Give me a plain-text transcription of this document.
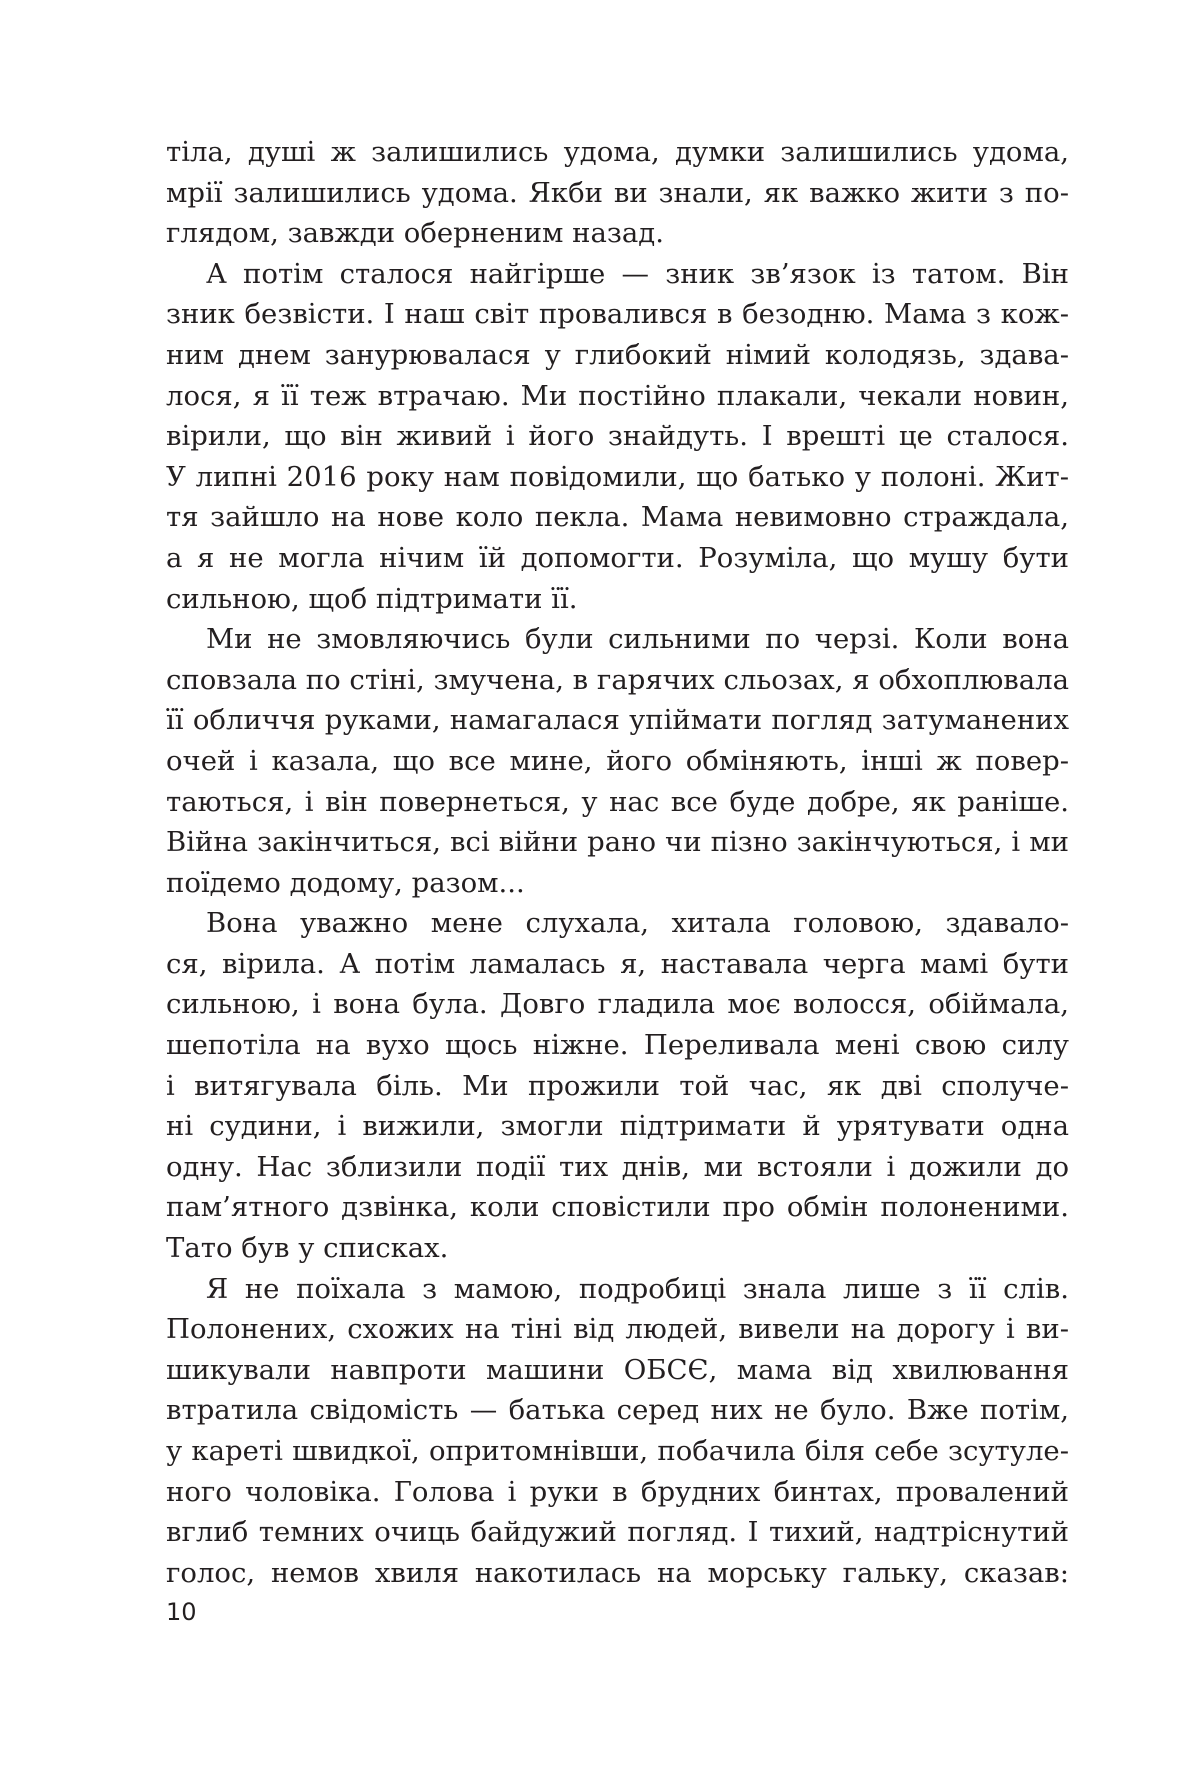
тіла, душі ж залишились удома, думки залишились удома,
мрії залишились удома. Якби ви знали, як важко жити з по-
глядом, завжди оберненим назад.

А потім сталося найгірше — зник зв’язок із татом. Він
зник безвісти. І наш світ провалився в безодню. Мама з кож-
ним днем занурювалася у глибокий німий колодязь, здава-
лося, я її теж втрачаю. Ми постійно плакали, чекали новин,
вірили, що він живий і його знайдуть. І врешті це сталося.
У липні 2016 року нам повідомили, що батько у полоні. Жит-
тя зайшло на нове коло пекла. Мама невимовно страждала,
а я не могла нічим їй допомогти. Розуміла, що мушу бути
сильною, щоб підтримати її.

Ми не змовляючись були сильними по черзі. Коли вона
сповзала по стіні, змучена, в гарячих сльозах, я обхоплювала
її обличчя руками, намагалася упіймати погляд затуманених
очей і казала, що все мине, його обміняють, інші ж повер-
таються, і він повернеться, у нас все буде добре, як раніше.
Війна закінчиться, всі війни рано чи пізно закінчуються, і ми
поїдемо додому, разом...

Вона уважно мене слухала, хитала головою, здавало-
ся, вірила. А потім ламалась я, наставала черга мамі бути
сильною, і вона була. Довго гладила моє волосся, обіймала,
шепотіла на вухо щось ніжне. Переливала мені свою силу
і витягувала біль. Ми прожили той час, як дві сполуче-
ні судини, і вижили, змогли підтримати й урятувати одна
одну. Нас зблизили події тих днів, ми встояли і дожили до
пам’ятного дзвінка, коли сповістили про обмін полоненими.
Тато був у списках.

Я не поїхала з мамою, подробиці знала лише з її слів.
Полонених, схожих на тіні від людей, вивели на дорогу і ви-
шикували навпроти машини ОБСЄ, мама від хвилювання
втратила свідомість — батька серед них не було. Вже потім,
у кареті швидкої, опритомнівши, побачила біля себе зсутуле-
ного чоловіка. Голова і руки в брудних бинтах, провалений
вглиб темних очиць байдужий погляд. І тихий, надтріснутий
голос, немов хвиля накотилась на морську гальку, сказав:

10
